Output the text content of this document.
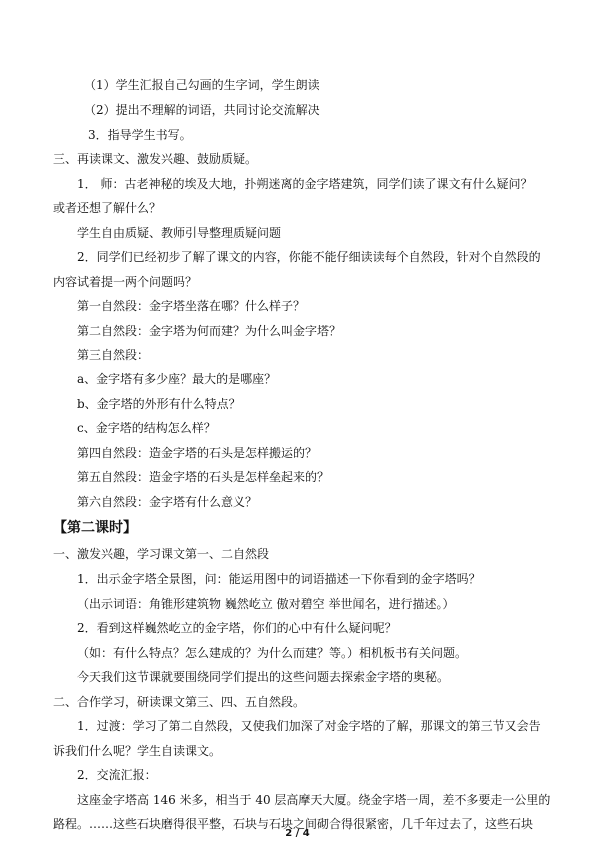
（1）学生汇报自己勾画的生字词，学生朗读
（2）提出不理解的词语，共同讨论交流解决
3．指导学生书写。
三、再读课文、激发兴趣、鼓励质疑。
1． 师：古老神秘的埃及大地，扑朔迷离的金字塔建筑，同学们读了课文有什么疑问？
或者还想了解什么？
学生自由质疑、教师引导整理质疑问题
2．同学们已经初步了解了课文的内容，你能不能仔细读读每个自然段，针对个自然段的
内容试着提一两个问题吗？
第一自然段：金字塔坐落在哪？什么样子？
第二自然段：金字塔为何而建？为什么叫金字塔？
第三自然段：
a、金字塔有多少座？最大的是哪座？
b、金字塔的外形有什么特点？
c、金字塔的结构怎么样？
第四自然段：造金字塔的石头是怎样搬运的？
第五自然段：造金字塔的石头是怎样垒起来的？
第六自然段：金字塔有什么意义？
【第二课时】
一、激发兴趣，学习课文第一、二自然段
1．出示金字塔全景图，问：能运用图中的词语描述一下你看到的金字塔吗？
（出示词语：角锥形建筑物 巍然屹立 傲对碧空 举世闻名，进行描述。）
2．看到这样巍然屹立的金字塔，你们的心中有什么疑问呢？
（如：有什么特点？怎么建成的？为什么而建？等。）相机板书有关问题。
今天我们这节课就要围绕同学们提出的这些问题去探索金字塔的奥秘。
二、合作学习，研读课文第三、四、五自然段。
1．过渡：学习了第二自然段，又使我们加深了对金字塔的了解，那课文的第三节又会告
诉我们什么呢？学生自读课文。
2．交流汇报：
这座金字塔高 146 米多，相当于 40 层高摩天大厦。绕金字塔一周，差不多要走一公里的
路程。……这些石块磨得很平整，石块与石块之间砌合得很紧密，几千年过去了，这些石块
2 / 4
